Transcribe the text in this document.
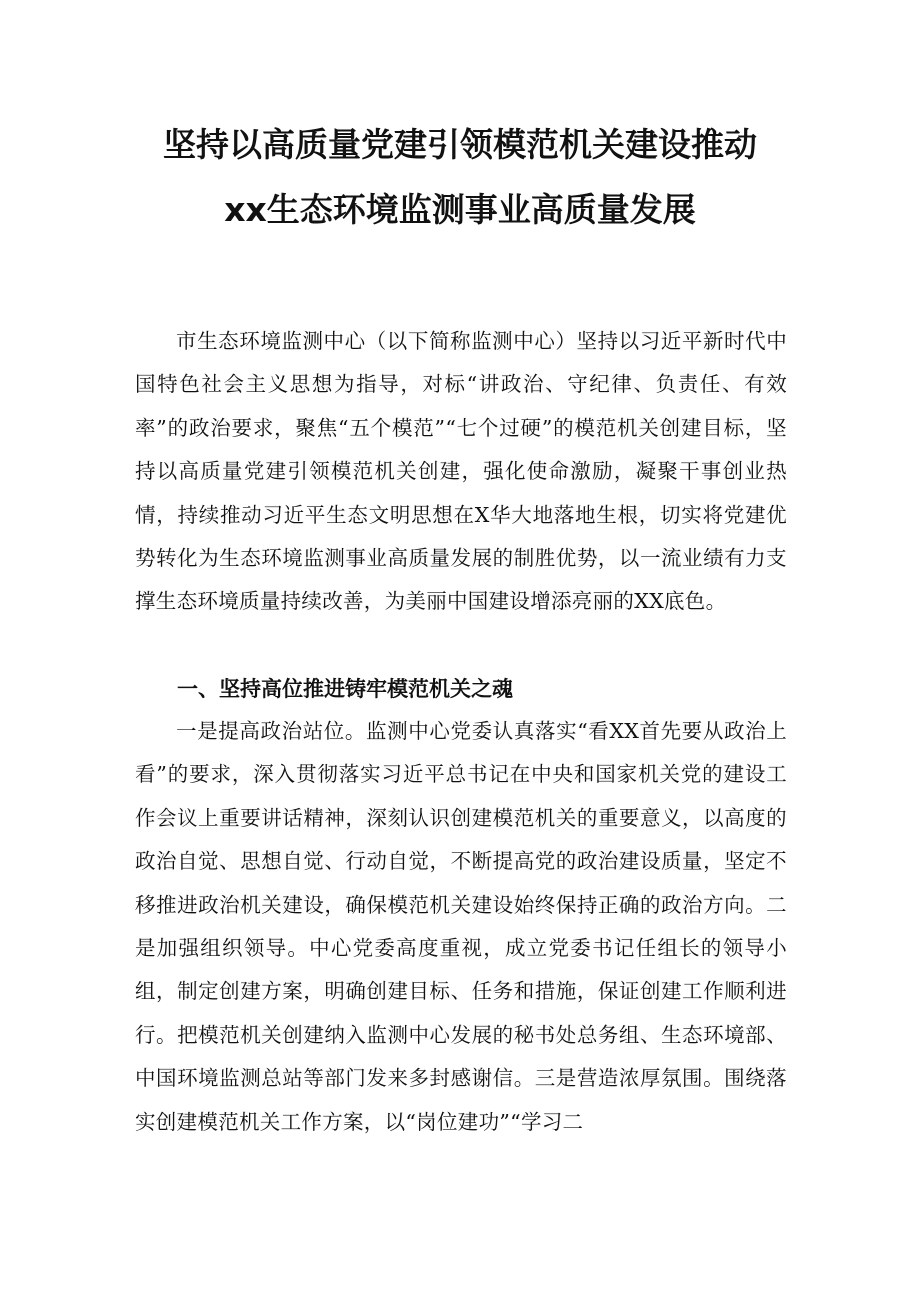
坚持以高质量党建引领模范机关建设推动
xx生态环境监测事业高质量发展

市生态环境监测中心（以下简称监测中心）坚持以习近平新时代中国特色社会主义思想为指导，对标“讲政治、守纪律、负责任、有效率”的政治要求，聚焦“五个模范”“七个过硬”的模范机关创建目标，坚持以高质量党建引领模范机关创建，强化使命激励，凝聚干事创业热情，持续推动习近平生态文明思想在X华大地落地生根，切实将党建优势转化为生态环境监测事业高质量发展的制胜优势，以一流业绩有力支撑生态环境质量持续改善，为美丽中国建设增添亮丽的XX底色。

一、坚持高位推进铸牢模范机关之魂

一是提高政治站位。监测中心党委认真落实“看XX首先要从政治上看”的要求，深入贯彻落实习近平总书记在中央和国家机关党的建设工作会议上重要讲话精神，深刻认识创建模范机关的重要意义，以高度的政治自觉、思想自觉、行动自觉，不断提高党的政治建设质量，坚定不移推进政治机关建设，确保模范机关建设始终保持正确的政治方向。二是加强组织领导。中心党委高度重视，成立党委书记任组长的领导小组，制定创建方案，明确创建目标、任务和措施，保证创建工作顺利进行。把模范机关创建纳入监测中心发展的秘书处总务组、生态环境部、中国环境监测总站等部门发来多封感谢信。三是营造浓厚氛围。围绕落实创建模范机关工作方案，以“岗位建功”“学习二
